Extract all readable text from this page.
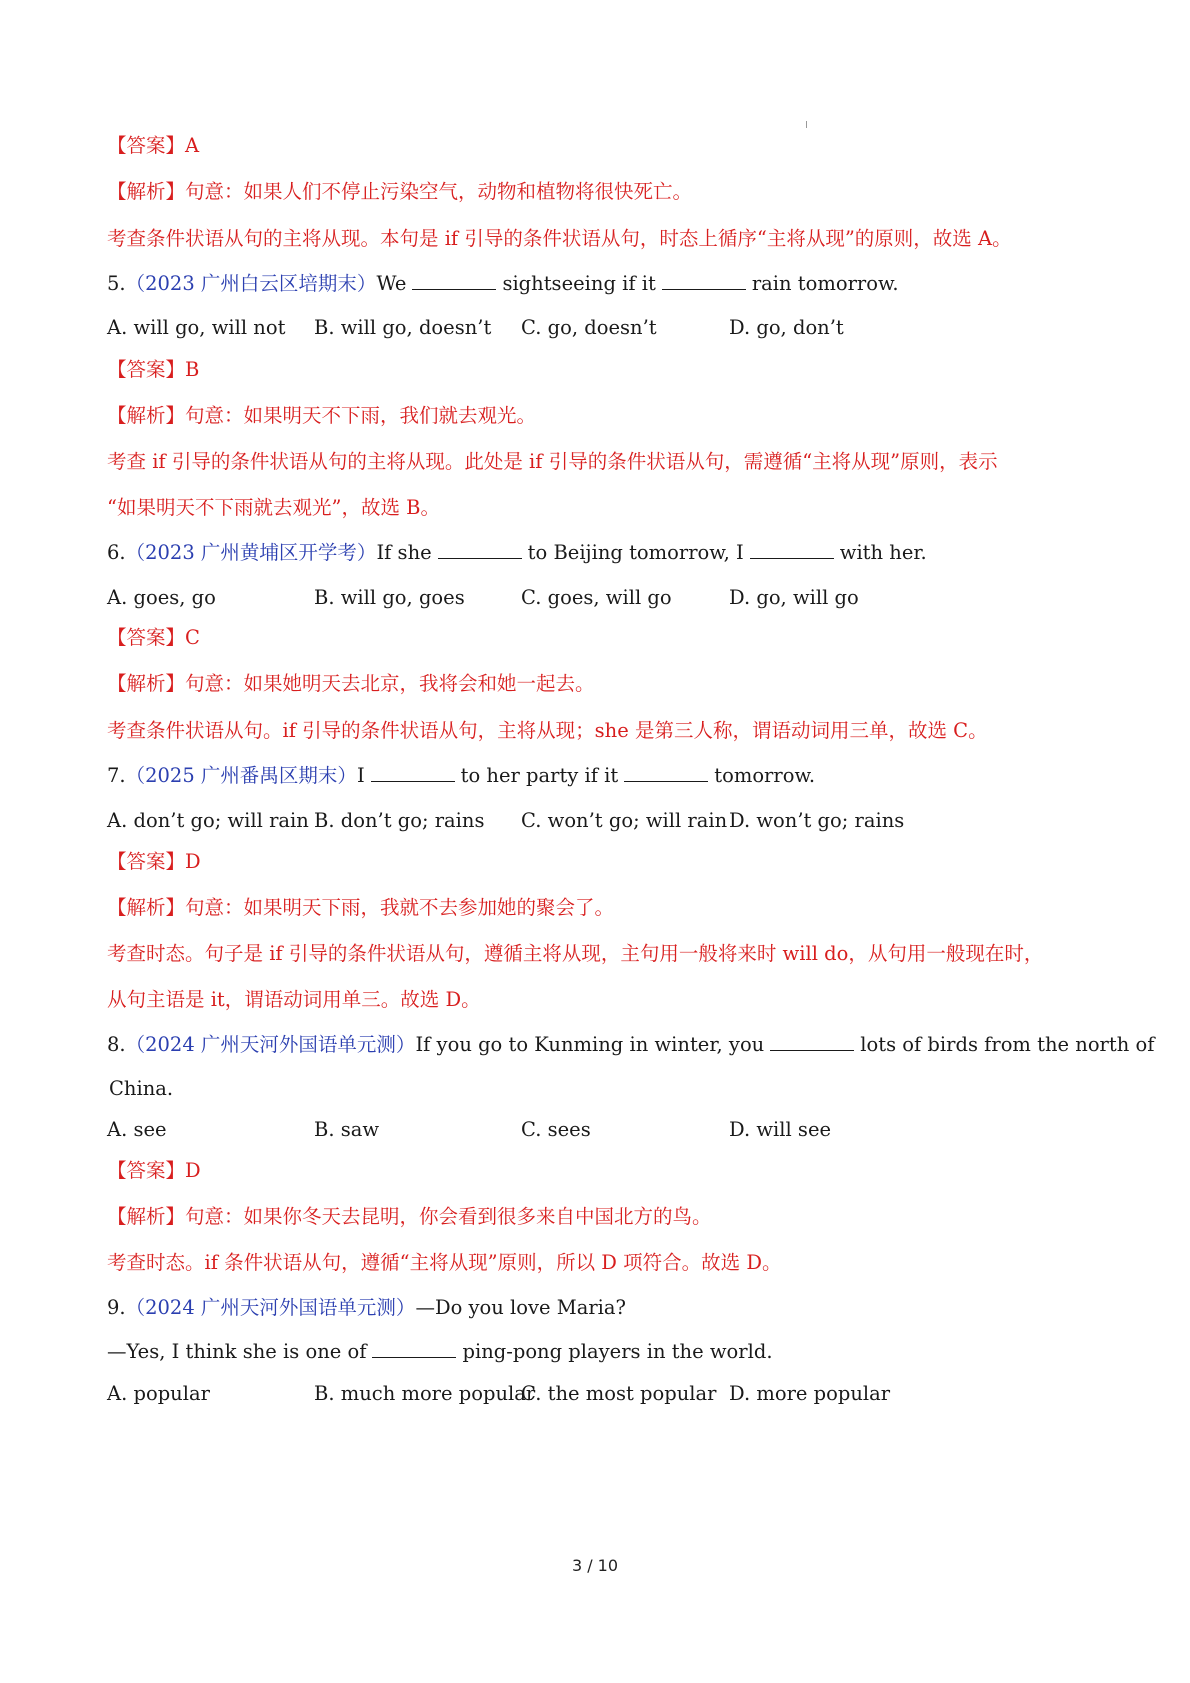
【答案】A
【解析】句意：如果人们不停止污染空气，动物和植物将很快死亡。
考查条件状语从句的主将从现。本句是 if 引导的条件状语从句，时态上循序“主将从现”的原则，故选 A。
5.（2023 广州白云区培期末）We	sightseeing if it	rain tomorrow.
A. will go, will not B. will go, doesn’t C. go, doesn’t	D. go, don’t
【答案】B
【解析】句意：如果明天不下雨，我们就去观光。
考查 if 引导的条件状语从句的主将从现。此处是 if 引导的条件状语从句，需遵循“主将从现”原则，表示
“如果明天不下雨就去观光”，故选 B。
6.（2023 广州黄埔区开学考）If she	to Beijing tomorrow, I	with her.
A. goes, go	B. will go, goes	C. goes, will go	D. go, will go
【答案】C
【解析】句意：如果她明天去北京，我将会和她一起去。
考查条件状语从句。if 引导的条件状语从句，主将从现；she 是第三人称，谓语动词用三单，故选 C。
7.（2025 广州番禺区期末）I	to her party if it	tomorrow.
A. don’t go; will rain B. don’t go; rains C. won’t go; will rain D. won’t go; rains
【答案】D
【解析】句意：如果明天下雨，我就不去参加她的聚会了。
考查时态。句子是 if 引导的条件状语从句，遵循主将从现，主句用一般将来时 will do，从句用一般现在时，
从句主语是 it，谓语动词用单三。故选 D。
8.（2024 广州天河外国语单元测）If you go to Kunming in winter, you	lots of birds from the north of
China.
A. see	B. saw	C. sees	D. will see
【答案】D
【解析】句意：如果你冬天去昆明，你会看到很多来自中国北方的鸟。
考查时态。if 条件状语从句，遵循“主将从现”原则，所以 D 项符合。故选 D。
9.（2024 广州天河外国语单元测）—Do you love Maria?
—Yes, I think she is one of	ping-pong players in the world.
A. popular	B. much more popular
C. the most popular D. more popular
3 / 10
